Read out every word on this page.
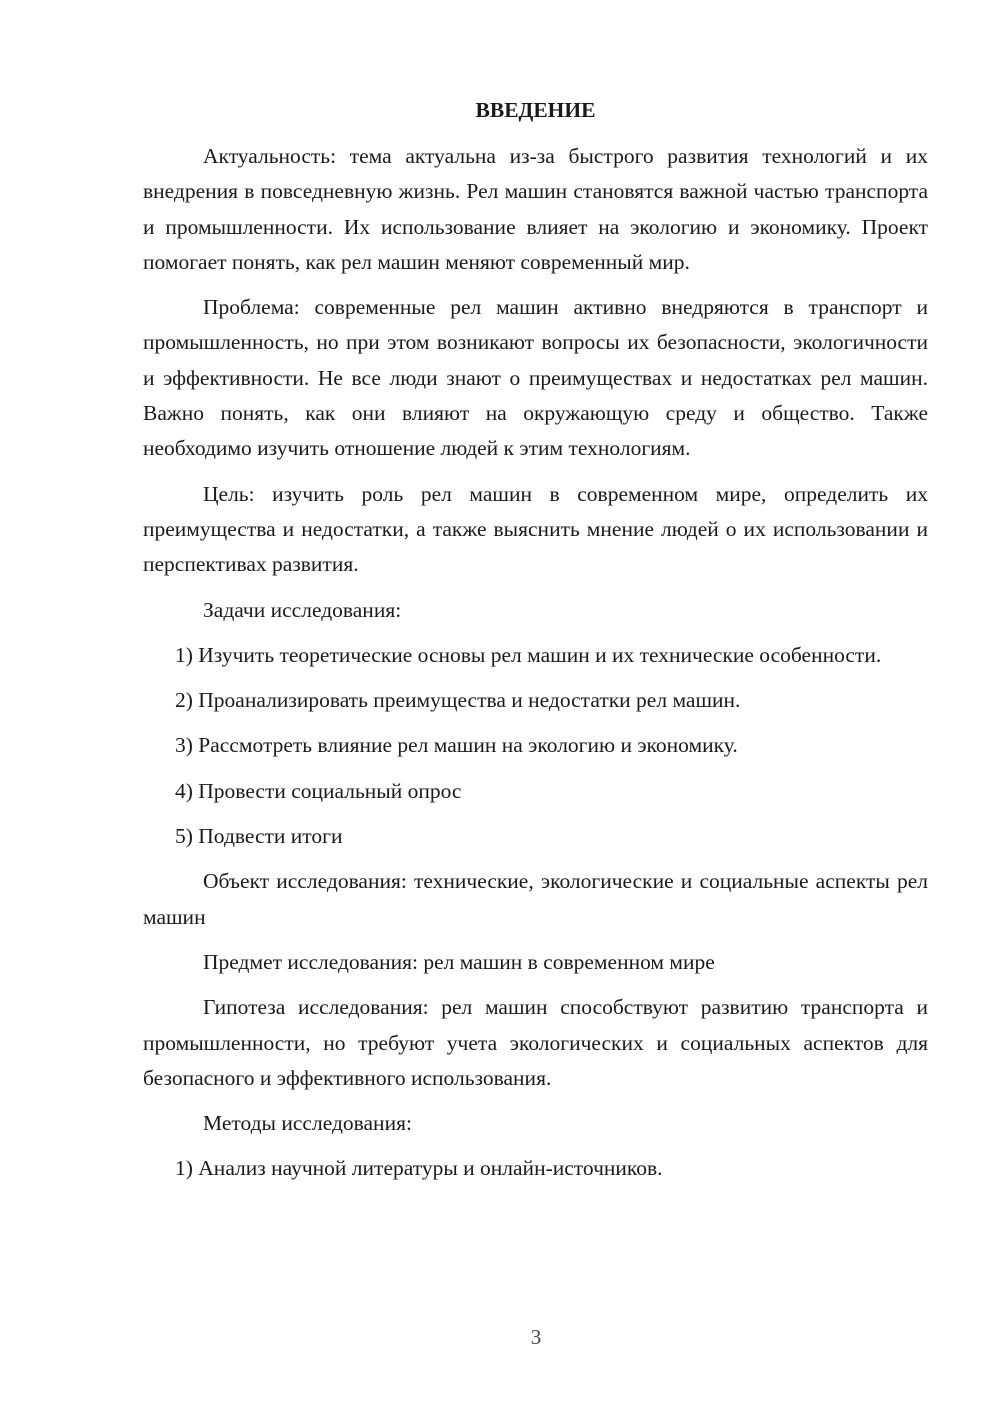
ВВЕДЕНИЕ

Актуальность: тема актуальна из-за быстрого развития технологий и их внедрения в повседневную жизнь. Рел машин становятся важной частью транспорта и промышленности. Их использование влияет на экологию и экономику. Проект помогает понять, как рел машин меняют современный мир.

Проблема: современные рел машин активно внедряются в транспорт и промышленность, но при этом возникают вопросы их безопасности, экологичности и эффективности. Не все люди знают о преимуществах и недостатках рел машин. Важно понять, как они влияют на окружающую среду и общество. Также необходимо изучить отношение людей к этим технологиям.

Цель: изучить роль рел машин в современном мире, определить их преимущества и недостатки, а также выяснить мнение людей о их использовании и перспективах развития.

Задачи исследования:

1) Изучить теоретические основы рел машин и их технические особенности.

2) Проанализировать преимущества и недостатки рел машин.

3) Рассмотреть влияние рел машин на экологию и экономику.

4) Провести социальный опрос

5) Подвести итоги

Объект исследования: технические, экологические и социальные аспекты рел машин

Предмет исследования: рел машин в современном мире

Гипотеза исследования: рел машин способствуют развитию транспорта и промышленности, но требуют учета экологических и социальных аспектов для безопасного и эффективного использования.

Методы исследования:

1) Анализ научной литературы и онлайн-источников.

3
